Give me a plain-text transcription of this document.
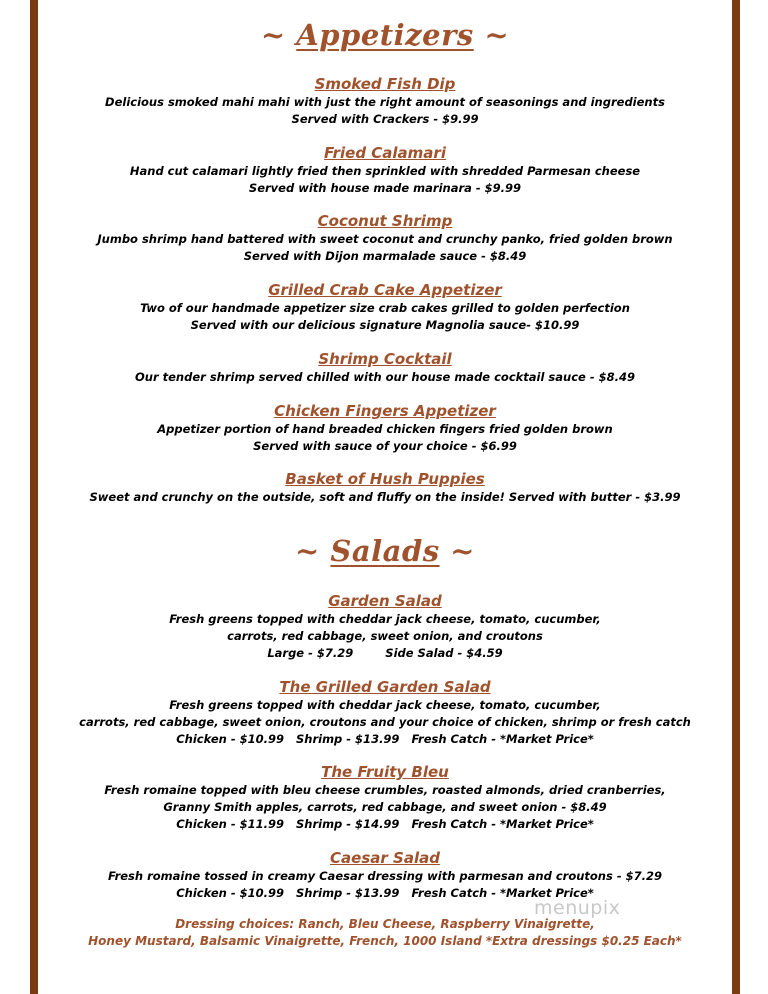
~ Appetizers ~
Smoked Fish Dip
Delicious smoked mahi mahi with just the right amount of seasonings and ingredients
Served with Crackers - $9.99
Fried Calamari
Hand cut calamari lightly fried then sprinkled with shredded Parmesan cheese
Served with house made marinara - $9.99
Coconut Shrimp
Jumbo shrimp hand battered with sweet coconut and crunchy panko, fried golden brown
Served with Dijon marmalade sauce - $8.49
Grilled Crab Cake Appetizer
Two of our handmade appetizer size crab cakes grilled to golden perfection
Served with our delicious signature Magnolia sauce- $10.99
Shrimp Cocktail
Our tender shrimp served chilled with our house made cocktail sauce - $8.49
Chicken Fingers Appetizer
Appetizer portion of hand breaded chicken fingers fried golden brown
Served with sauce of your choice - $6.99
Basket of Hush Puppies
Sweet and crunchy on the outside, soft and fluffy on the inside! Served with butter - $3.99
~ Salads ~
Garden Salad
Fresh greens topped with cheddar jack cheese, tomato, cucumber,
carrots, red cabbage, sweet onion, and croutons
Large - $7.29        Side Salad - $4.59
The Grilled Garden Salad
Fresh greens topped with cheddar jack cheese, tomato, cucumber,
carrots, red cabbage, sweet onion, croutons and your choice of chicken, shrimp or fresh catch
Chicken - $10.99   Shrimp - $13.99   Fresh Catch - *Market Price*
The Fruity Bleu
Fresh romaine topped with bleu cheese crumbles, roasted almonds, dried cranberries,
Granny Smith apples, carrots, red cabbage, and sweet onion - $8.49
Chicken - $11.99   Shrimp - $14.99   Fresh Catch - *Market Price*
Caesar Salad
Fresh romaine tossed in creamy Caesar dressing with parmesan and croutons - $7.29
Chicken - $10.99   Shrimp - $13.99   Fresh Catch - *Market Price*
Dressing choices: Ranch, Bleu Cheese, Raspberry Vinaigrette,
Honey Mustard, Balsamic Vinaigrette, French, 1000 Island *Extra dressings $0.25 Each*
menupix
